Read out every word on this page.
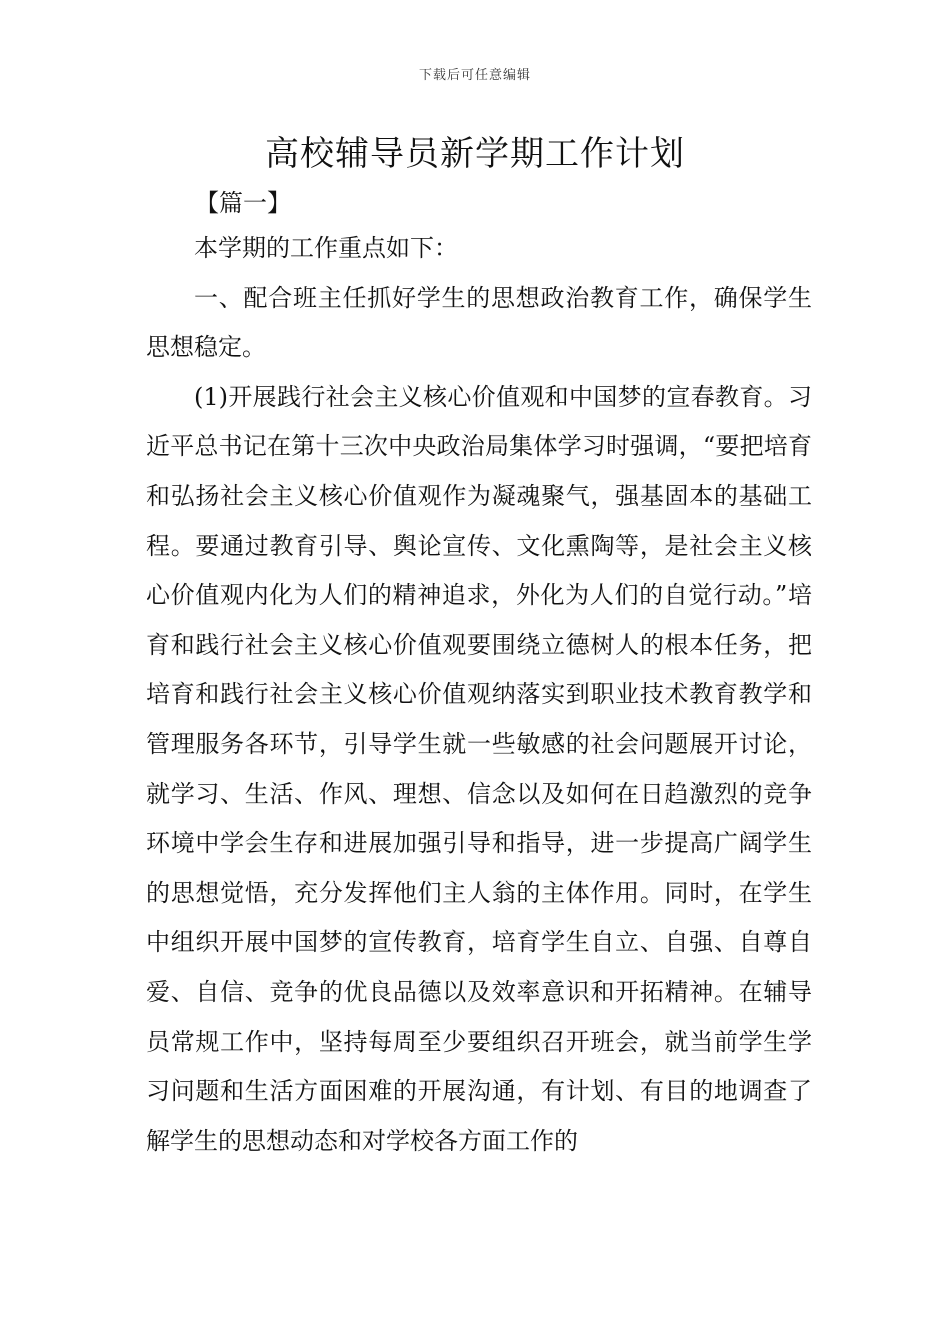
下载后可任意编辑
高校辅导员新学期工作计划
【篇一】

本学期的工作重点如下：

一、配合班主任抓好学生的思想政治教育工作，确保学生思想稳定。

(1)开展践行社会主义核心价值观和中国梦的宣春教育。习近平总书记在第十三次中央政治局集体学习时强调，“要把培育和弘扬社会主义核心价值观作为凝魂聚气，强基固本的基础工程。要通过教育引导、舆论宣传、文化熏陶等，是社会主义核心价值观内化为人们的精神追求，外化为人们的自觉行动。”培育和践行社会主义核心价值观要围绕立德树人的根本任务，把培育和践行社会主义核心价值观纳落实到职业技术教育教学和管理服务各环节，引导学生就一些敏感的社会问题展开讨论，就学习、生活、作风、理想、信念以及如何在日趋激烈的竞争环境中学会生存和进展加强引导和指导，进一步提高广阔学生的思想觉悟，充分发挥他们主人翁的主体作用。同时，在学生中组织开展中国梦的宣传教育，培育学生自立、自强、自尊自爱、自信、竞争的优良品德以及效率意识和开拓精神。在辅导员常规工作中，坚持每周至少要组织召开班会，就当前学生学习问题和生活方面困难的开展沟通，有计划、有目的地调查了解学生的思想动态和对学校各方面工作的
